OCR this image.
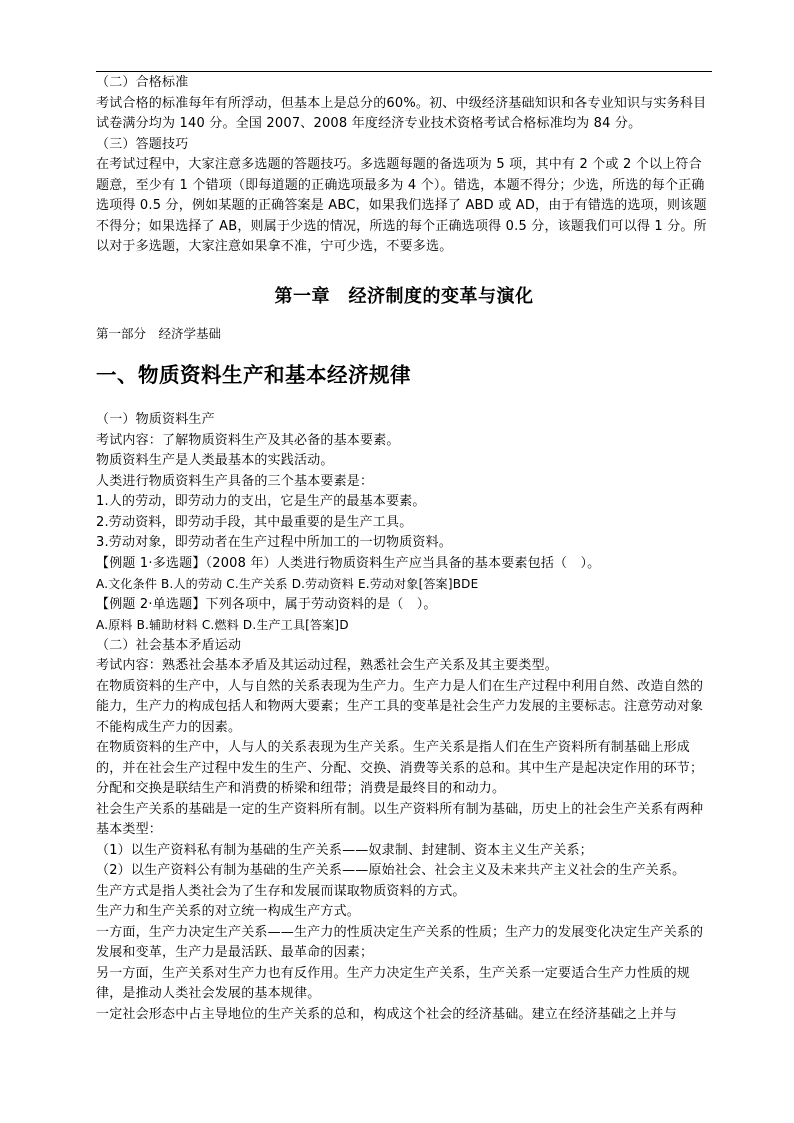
（二）合格标准

考试合格的标准每年有所浮动，但基本上是总分的60%。初、中级经济基础知识和各专业知识与实务科目试卷满分均为 140 分。全国 2007、2008 年度经济专业技术资格考试合格标准均为 84 分。

（三）答题技巧

在考试过程中，大家注意多选题的答题技巧。多选题每题的备选项为 5 项，其中有 2 个或 2 个以上符合题意，至少有 1 个错项（即每道题的正确选项最多为 4 个）。错选，本题不得分；少选，所选的每个正确选项得 0.5 分，例如某题的正确答案是 ABC，如果我们选择了 ABD 或 AD，由于有错选的选项，则该题不得分；如果选择了 AB，则属于少选的情况，所选的每个正确选项得 0.5 分，该题我们可以得 1 分。所以对于多选题，大家注意如果拿不准，宁可少选，不要多选。

第一章　经济制度的变革与演化
第一部分　经济学基础
一、物质资料生产和基本经济规律

（一）物质资料生产

考试内容：了解物质资料生产及其必备的基本要素。

物质资料生产是人类最基本的实践活动。

人类进行物质资料生产具备的三个基本要素是：

1.人的劳动，即劳动力的支出，它是生产的最基本要素。

2.劳动资料，即劳动手段，其中最重要的是生产工具。

3.劳动对象，即劳动者在生产过程中所加工的一切物质资料。

【例题 1·多选题】（2008 年）人类进行物质资料生产应当具备的基本要素包括（　）。

A.文化条件 B.人的劳动 C.生产关系 D.劳动资料 E.劳动对象[答案]BDE

【例题 2·单选题】下列各项中，属于劳动资料的是（　）。

A.原料 B.辅助材料 C.燃料 D.生产工具[答案]D

（二）社会基本矛盾运动

考试内容：熟悉社会基本矛盾及其运动过程，熟悉社会生产关系及其主要类型。

在物质资料的生产中，人与自然的关系表现为生产力。生产力是人们在生产过程中利用自然、改造自然的能力，生产力的构成包括人和物两大要素；生产工具的变革是社会生产力发展的主要标志。注意劳动对象不能构成生产力的因素。

在物质资料的生产中，人与人的关系表现为生产关系。生产关系是指人们在生产资料所有制基础上形成的，并在社会生产过程中发生的生产、分配、交换、消费等关系的总和。其中生产是起决定作用的环节；分配和交换是联结生产和消费的桥梁和纽带；消费是最终目的和动力。

社会生产关系的基础是一定的生产资料所有制。以生产资料所有制为基础，历史上的社会生产关系有两种基本类型：

（1）以生产资料私有制为基础的生产关系——奴隶制、封建制、资本主义生产关系；

（2）以生产资料公有制为基础的生产关系——原始社会、社会主义及未来共产主义社会的生产关系。

生产方式是指人类社会为了生存和发展而谋取物质资料的方式。

生产力和生产关系的对立统一构成生产方式。

一方面，生产力决定生产关系——生产力的性质决定生产关系的性质；生产力的发展变化决定生产关系的发展和变革，生产力是最活跃、最革命的因素；

另一方面，生产关系对生产力也有反作用。生产力决定生产关系，生产关系一定要适合生产力性质的规律，是推动人类社会发展的基本规律。

一定社会形态中占主导地位的生产关系的总和，构成这个社会的经济基础。建立在经济基础之上并与
